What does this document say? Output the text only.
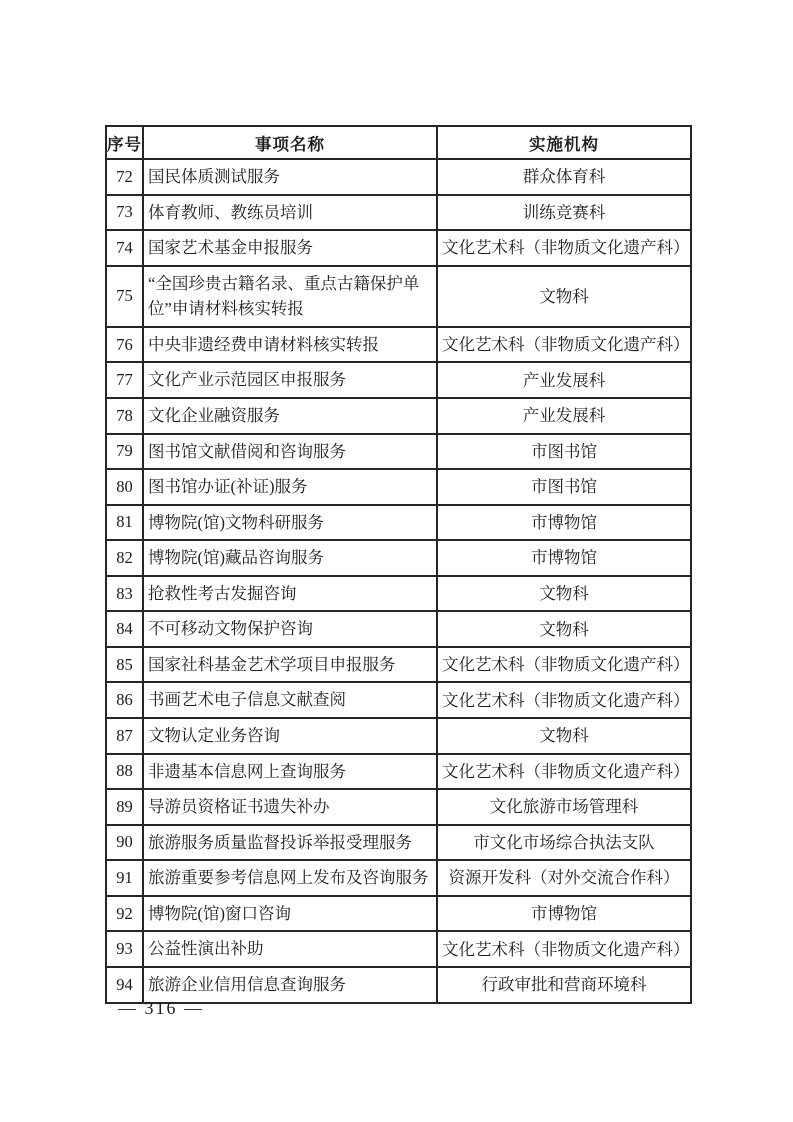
序号	事项名称	实施机构
72	国民体质测试服务	群众体育科
73	体育教师、教练员培训	训练竞赛科
74	国家艺术基金申报服务	文化艺术科（非物质文化遗产科）
75	“全国珍贵古籍名录、重点古籍保护单位”申请材料核实转报	文物科
76	中央非遗经费申请材料核实转报	文化艺术科（非物质文化遗产科）
77	文化产业示范园区申报服务	产业发展科
78	文化企业融资服务	产业发展科
79	图书馆文献借阅和咨询服务	市图书馆
80	图书馆办证(补证)服务	市图书馆
81	博物院(馆)文物科研服务	市博物馆
82	博物院(馆)藏品咨询服务	市博物馆
83	抢救性考古发掘咨询	文物科
84	不可移动文物保护咨询	文物科
85	国家社科基金艺术学项目申报服务	文化艺术科（非物质文化遗产科）
86	书画艺术电子信息文献查阅	文化艺术科（非物质文化遗产科）
87	文物认定业务咨询	文物科
88	非遗基本信息网上查询服务	文化艺术科（非物质文化遗产科）
89	导游员资格证书遗失补办	文化旅游市场管理科
90	旅游服务质量监督投诉举报受理服务	市文化市场综合执法支队
91	旅游重要参考信息网上发布及咨询服务	资源开发科（对外交流合作科）
92	博物院(馆)窗口咨询	市博物馆
93	公益性演出补助	文化艺术科（非物质文化遗产科）
94	旅游企业信用信息查询服务	行政审批和营商环境科
— 316 —
